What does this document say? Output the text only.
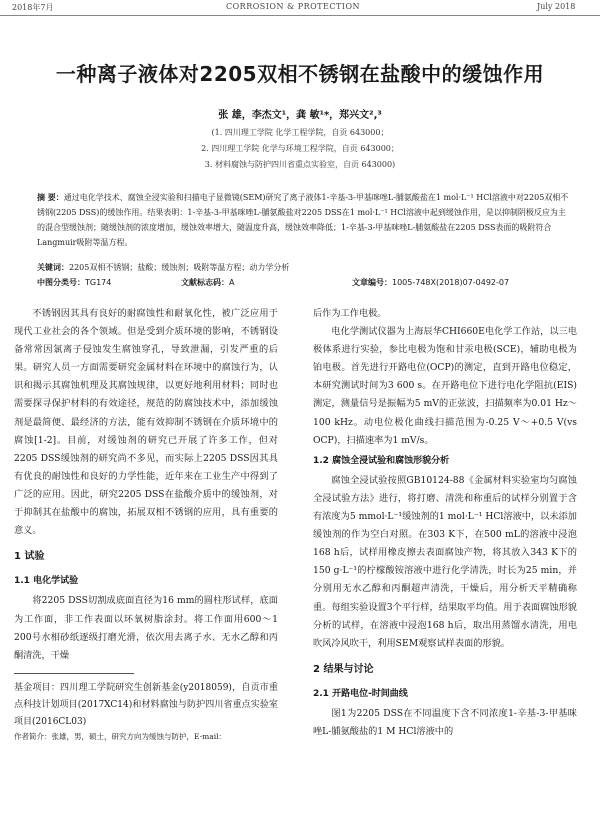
2018年7月	CORROSION & PROTECTION	July 2018
一种离子液体对2205双相不锈钢在盐酸中的缓蚀作用
张 雄，李杰文¹，龚 敏¹*，郑兴文²,³
(1. 四川理工学院 化学工程学院，自贡 643000；
2. 四川理工学院 化学与环境工程学院，自贡 643000；
3. 材料腐蚀与防护四川省重点实验室，自贡 643000)
摘 要：通过电化学技术、腐蚀全浸实验和扫描电子显微镜(SEM)研究了离子液体1-辛基-3-甲基咪唑L-脯氨酸盐在1 mol·L⁻¹ HCl溶液中对2205双相不锈钢(2205 DSS)的缓蚀作用。结果表明：1-辛基-3-甲基咪唑L-脯氨酸盐对2205 DSS在1 mol·L⁻¹ HCl溶液中起到缓蚀作用，是以抑制阴极反应为主的混合型缓蚀剂；随缓蚀剂的浓度增加，缓蚀效率增大，随温度升高，缓蚀效率降低；1-辛基-3-甲基咪唑L-脯氨酸盐在2205 DSS表面的吸附符合Langmuir吸附等温方程。
关键词：2205双相不锈钢；盐酸；缓蚀剂；吸附等温方程；动力学分析
中图分类号：TG174	文献标志码：A	文章编号：1005-748X(2018)07-0492-07

不锈钢因其具有良好的耐腐蚀性和耐氧化性，被广泛应用于现代工业社会的各个领域。但是受到介质环境的影响，不锈钢设备常常因氯离子侵蚀发生腐蚀穿孔，导致泄漏，引发严重的后果。研究人员一方面需要研究金属材料在环境中的腐蚀行为，认识和揭示其腐蚀机理及其腐蚀规律，以更好地利用材料；同时也需要探寻保护材料的有效途径，规范的防腐蚀技术中，添加缓蚀剂是最简便、最经济的方法，能有效抑制不锈钢在介质环境中的腐蚀[1-2]。目前，对缓蚀剂的研究已开展了许多工作，但对2205 DSS缓蚀剂的研究尚不多见，而实际上2205 DSS因其具有优良的耐蚀性和良好的力学性能，近年来在工业生产中得到了广泛的应用。因此，研究2205 DSS在盐酸介质中的缓蚀剂，对于抑制其在盐酸中的腐蚀，拓展双相不锈钢的应用，具有重要的意义。

1 试验
1.1 电化学试验

将2205 DSS切割成底面直径为16 mm的圆柱形试样，底面为工作面，非工作表面以环氧树脂涂封。将工作面用600～1 200号水相砂纸逐级打磨光滑，依次用去离子水、无水乙醇和丙酮清洗，干燥

基金项目：四川理工学院研究生创新基金(y2018059)，自贡市重点科技计划项目(2017XC14)和材料腐蚀与防护四川省重点实验室项目(2016CL03)

作者简介：张雄，男，硕士，研究方向为缓蚀与防护，E-mail：

后作为工作电极。

电化学测试仪器为上海辰华CHI660E电化学工作站，以三电极体系进行实验，参比电极为饱和甘汞电极(SCE)，辅助电极为铂电极。首先进行开路电位(OCP)的测定，直到开路电位稳定，本研究测试时间为3 600 s。在开路电位下进行电化学阻抗(EIS)测定，测量信号是振幅为5 mV的正弦波，扫描频率为0.01 Hz～100 kHz。动电位极化曲线扫描范围为-0.25 V～+0.5 V(vs OCP)，扫描速率为1 mV/s。

1.2 腐蚀全浸试验和腐蚀形貌分析

腐蚀全浸试验按照GB10124-88《金属材料实验室均匀腐蚀全浸试验方法》进行，将打磨、清洗和称重后的试样分别置于含有浓度为5 mmol·L⁻¹缓蚀剂的1 mol·L⁻¹ HCl溶液中，以未添加缓蚀剂的作为空白对照。在303 K下，在500 mL的溶液中浸泡168 h后，试样用橡皮擦去表面腐蚀产物，将其放入343 K下的150 g·L⁻¹的柠檬酸铵溶液中进行化学清洗，时长为25 min，并分别用无水乙醇和丙酮超声清洗，干燥后，用分析天平精确称重。每组实验设置3个平行样，结果取平均值。用于表面腐蚀形貌分析的试样，在溶液中浸泡168 h后，取出用蒸馏水清洗，用电吹风冷风吹干，利用SEM观察试样表面的形貌。

2 结果与讨论
2.1 开路电位-时间曲线

图1为2205 DSS在不同温度下含不同浓度1-辛基-3-甲基咪唑L-脯氨酸盐的1 M HCl溶液中的
